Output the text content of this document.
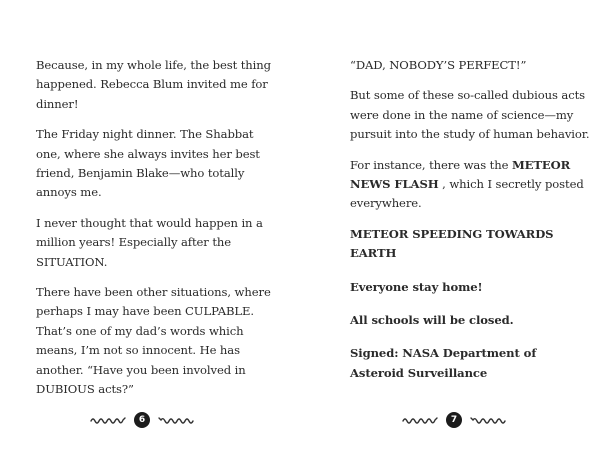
Because, in my whole life, the best thing happened. Rebecca Blum invited me for dinner!

The Friday night dinner. The Shabbat one, where she always invites her best friend, Benjamin Blake—who totally annoys me.

I never thought that would happen in a million years! Especially after the SITUATION.

There have been other situations, where perhaps I may have been CULPABLE. That’s one of my dad’s words which means, I’m not so innocent. He has another. “Have you been involved in DUBIOUS acts?”

6

“DAD, NOBODY’S PERFECT!”

But some of these so-called dubious acts were done in the name of science—my pursuit into the study of human behavior.

For instance, there was the METEOR NEWS FLASH , which I secretly posted everywhere.

METEOR SPEEDING TOWARDS EARTH

Everyone stay home!

All schools will be closed.

Signed: NASA Department of Asteroid Surveillance

7
